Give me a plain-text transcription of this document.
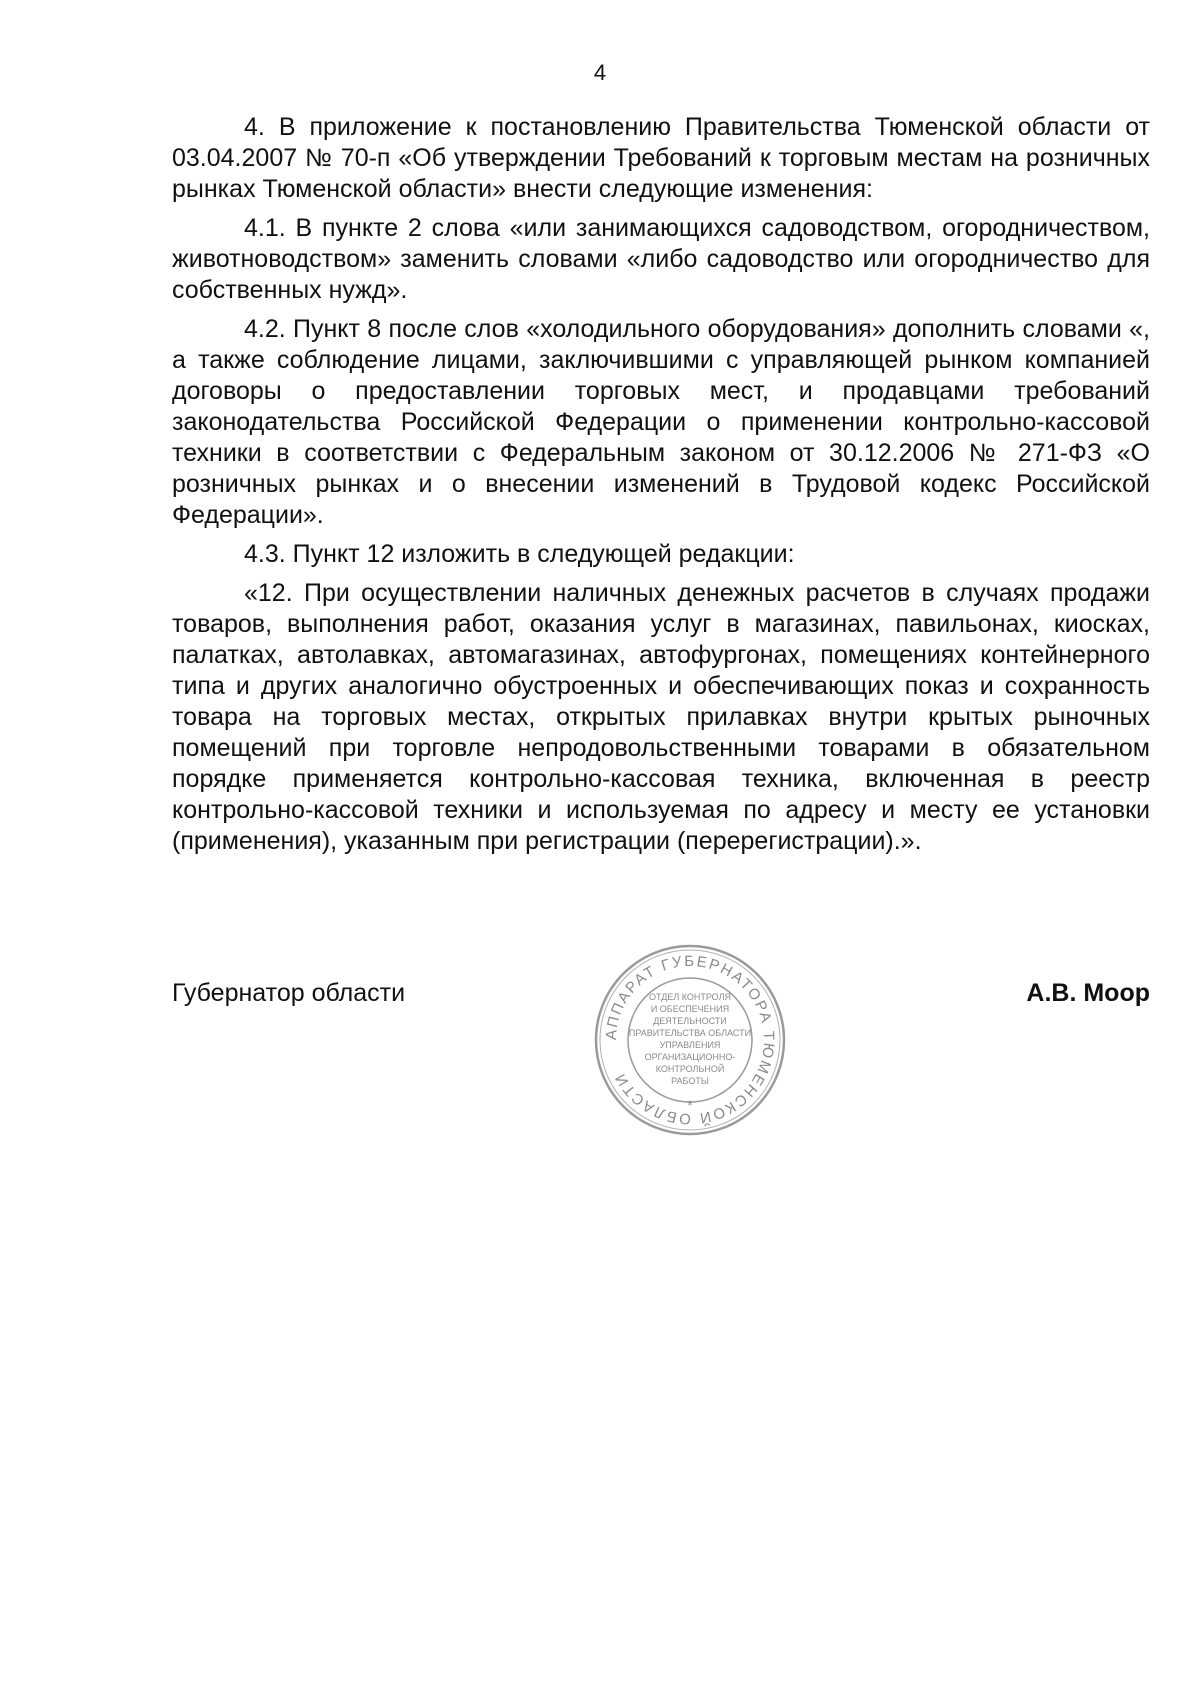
4

4. В приложение к постановлению Правительства Тюменской области от 03.04.2007 № 70-п «Об утверждении Требований к торговым местам на розничных рынках Тюменской области» внести следующие изменения:

4.1. В пункте 2 слова «или занимающихся садоводством, огородничеством, животноводством» заменить словами «либо садоводство или огородничество для собственных нужд».

4.2. Пункт 8 после слов «холодильного оборудования» дополнить словами «, а также соблюдение лицами, заключившими с управляющей рынком компанией договоры о предоставлении торговых мест, и продавцами требований законодательства Российской Федерации о применении контрольно-кассовой техники в соответствии с Федеральным законом от 30.12.2006 № 271-ФЗ «О розничных рынках и о внесении изменений в Трудовой кодекс Российской Федерации».

4.3. Пункт 12 изложить в следующей редакции:

«12. При осуществлении наличных денежных расчетов в случаях продажи товаров, выполнения работ, оказания услуг в магазинах, павильонах, киосках, палатках, автолавках, автомагазинах, автофургонах, помещениях контейнерного типа и других аналогично обустроенных и обеспечивающих показ и сохранность товара на торговых местах, открытых прилавках внутри крытых рыночных помещений при торговле непродовольственными товарами в обязательном порядке применяется контрольно-кассовая техника, включенная в реестр контрольно-кассовой техники и используемая по адресу и месту ее установки (применения), указанным при регистрации (перерегистрации).».

Губернатор области
АППАРАТ ГУБЕРНАТОРА ТЮМЕНСКОЙ ОБЛАСТИ
*
ОТДЕЛ КОНТРОЛЯ
И ОБЕСПЕЧЕНИЯ
ДЕЯТЕЛЬНОСТИ
ПРАВИТЕЛЬСТВА ОБЛАСТИ
УПРАВЛЕНИЯ
ОРГАНИЗАЦИОННО-
КОНТРОЛЬНОЙ
РАБОТЫ
А.В. Моор
